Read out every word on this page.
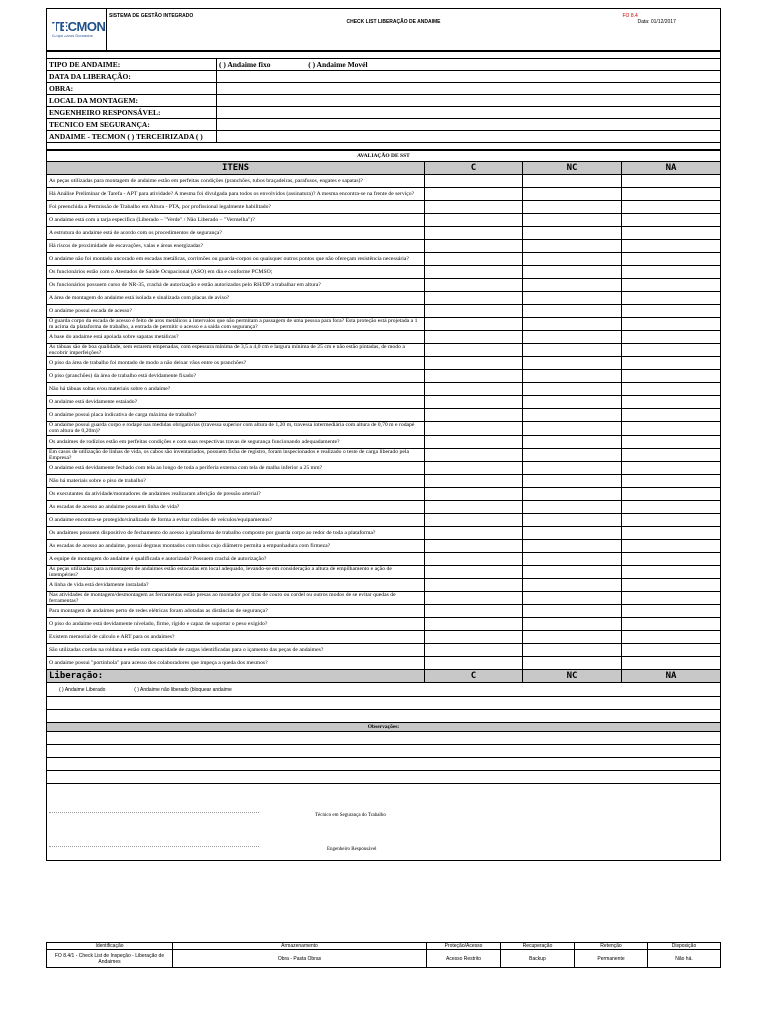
TECMON
Grupo Arcos Dourados
	SISTEMA DE GESTÃO INTEGRADO	CHECK LIST LIBERAÇÃO DE ANDAIME	
FO 8.4
Data: 01/12/2017

TIPO DE ANDAIME:	( ) Andaime fixo ( ) Andaime Movél
DATA DA LIBERAÇÃO:	
OBRA:	
LOCAL DA MONTAGEM:	
ENGENHEIRO RESPONSÁVEL:	
TECNICO EM SEGURANÇA:	
ANDAIME - TECMON ( ) TERCEIRIZADA ( )	

AVALIAÇÃO DE SST			
ITENS	C	NC	NA
As peças utilizadas para montagem de andaime estão em perfeitas condições (pranchões, tubos braçadeiras, parafusos, engates e sapatas)?			
Há Análise Preliminar de Tarefa - APT para atividade? A mesma foi divulgada para todos os envolvidos (assinatura)? A mesma encontra-se na frente de serviço?			
Foi preenchida a Permissão de Trabalho em Altura - PTA, por profissional legalmente habilitado?			
O andaime está com a tarja específica (Liberado – "Verde" / Não Liberado – "Vermelha")?			
A estrutura do andaime está de acordo com os procedimentos de segurança?			
Há riscos de proximidade de escavações, valas e áreas energizadas?			
O andaime não foi montado ancorado em escadas metálicas, corrimões ou guarda-corpos ou quaisquer outros pontos que não ofereçam resistência necessária?			
Os funcionários estão com o Atestados de Saúde Ocupacional (ASO) em dia e conforme PCMSO;			
Os funcionários possuem curso de NR-35, crachá de autorização e estão autorizados pelo RH/DP a trabalhar em altura?			
A área de montagem do andaime está isolada e sinalizada com placas de aviso?			
O andaime possui escada de acesso?			
O guarda corpo da escada de acesso é feito de aros metálicos a intervalos que não permitam a passagem de uma pessoa para fora? Esta proteção está projetada a 1 m acima da plataforma de trabalho, a entrada de permitir o acesso e a saída com segurança?			
A base do andaime está apoiada sobre sapatas metálicas?			
As tábuas são de boa qualidade, sem estarem empenadas, com espessura mínima de 3,5 a 4,0 cm e largura mínima de 25 cm e não estão pintadas, de modo a encobrir imperfeições?			
O piso da área de trabalho foi montado de modo a não deixar vãos entre os pranchões?			
O piso (pranchões) da área de trabalho está devidamente fixado?			
Não há tábuas soltas e/ou materiais sobre o andaime?			
O andaime está devidamente estaiado?			
O andaime possui placa indicativa de carga máxima de trabalho?			
O andaime possui guarda corpo e rodapé nas medidas obrigatórias (travessa superior com altura de 1,20 m, travessa intermediária com altura de 0,70 m e rodapé com altura de 0,20m)?			
Os andaimes de rodízios estão em perfeitas condições e com suas respectivas travas de segurança funcionando adequadamente?			
Em casos de utilização de linhas de vida, os cabos são inventariados, possuem ficha de registro, foram inspecionados e realizado o teste de carga liberado pela Empresa?			
O andaime está devidamente fechado com tela ao longo de toda a periferia externa com tela de malha inferior a 25 mm?			
Não há materiais sobre o piso de trabalho?			
Os executantes da atividade/montadores de andaimes realizaram aferição de pressão arterial?			
As escadas de acesso ao andaime possuem linha de vida?			
O andaime encontra-se protegido/sinalizado de forma a evitar colisões de veículos/equipamentos?			
Os andaimes possuem dispositivo de fechamento do acesso à plataforma de trabalho composto por guarda corpo ao redor de toda a plataforma?			
As escadas de acesso ao andaime, possui degraus montados com tubos cujo diâmetro permita a empunhadura com firmeza?			
A equipe de montagem do andaime é qualificada e autorizada? Possuem crachá de autorização?			
As peças utilizadas para a montagem de andaimes estão estocadas em local adequado, levando-se em consideração a altura de empilhamento e ação de intempéries?			
A linha de vida está devidamente instalada?			
Nas atividades de montagem/desmontagem as ferramentas estão presas ao montador por tiras de couro ou cordel ou outros modos de se evitar quedas de ferramentas?			
Para montagem de andaimes perto de redes elétricas foram adotadas as distâncias de segurança?			
O piso do andaime está devidamente nivelado, firme, rígido e capaz de suportar o peso exigido?			
Existem memorial de cálculo e ART para os andaimes?			
São utilizadas cordas na roldana e estão com capacidade de cargas identificadas para o içamento das peças de andaimes?			
O andaime possui "portinhola" para acesso dos colaboradores que impeça a queda dos mesmos?			
Liberação:	C	NC	NA
( ) Andaime Liberado ( ) Andaime não liberado (bloquear andaime			

Observações:			

Técnico em Segurança do Trabalho
Engenheiro Responsável			
Identificação	Armazenamento	Proteção/Acesso	Recuperação	Retenção	Disposição
FO 8.4/1 - Check List de Inspeção - Liberação de Andaimes	Obra - Pasta Obras	Acesso Restrito	Backup	Permanente	Não há.
